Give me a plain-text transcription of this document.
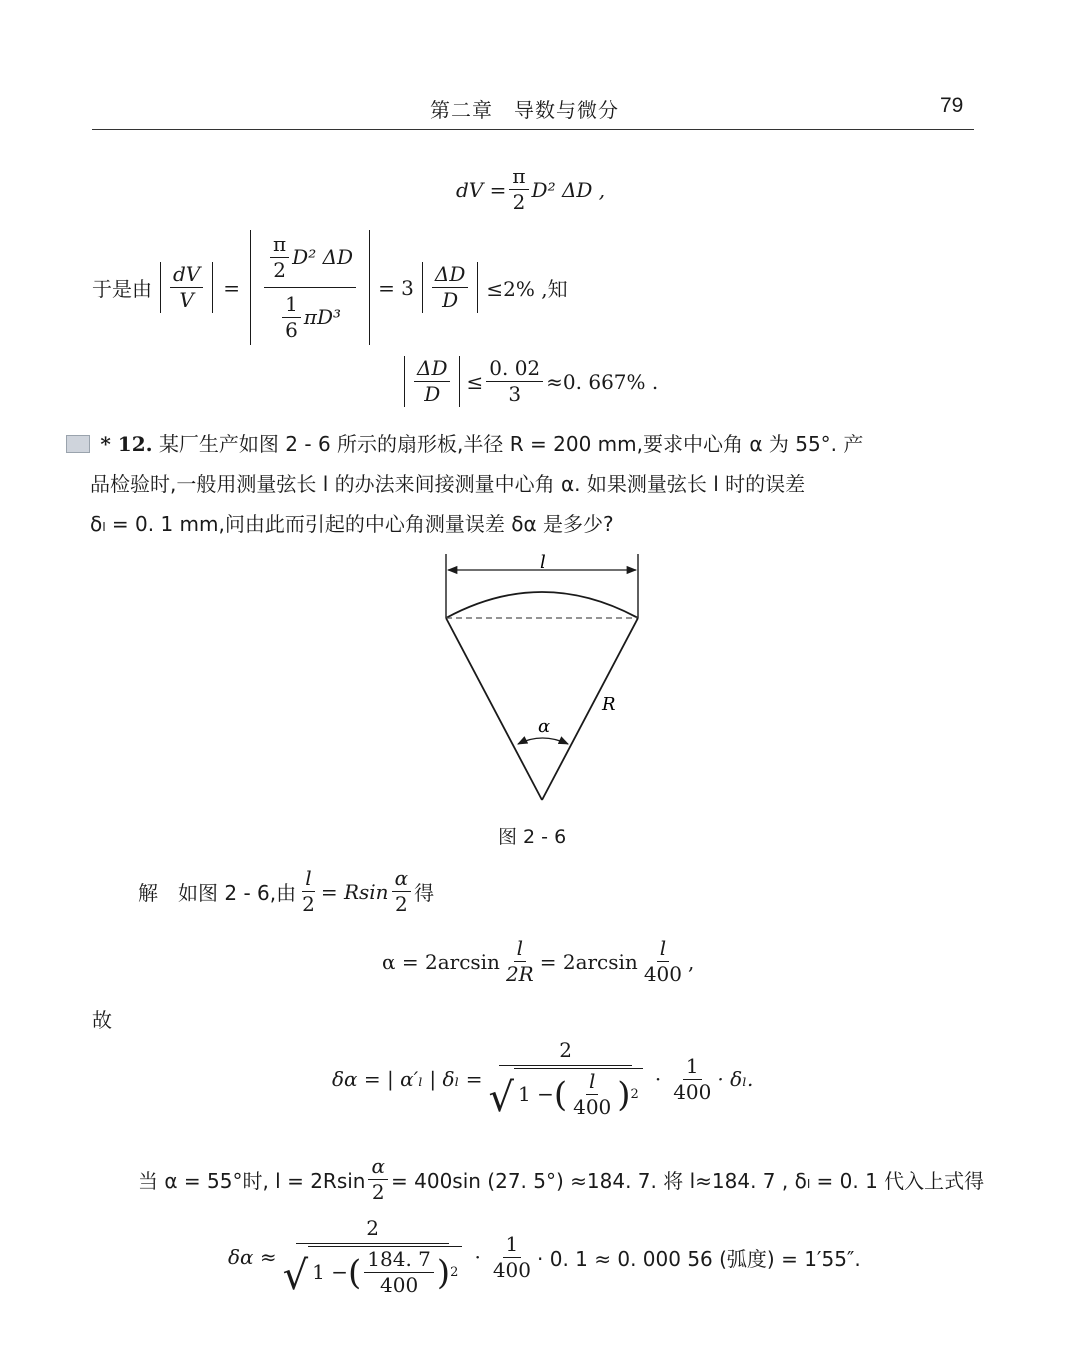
第二章　导数与微分	79
dV = $\frac{\pi}{2} D^2$ ΔD ,
于是由 $\frac{dV}{V} = \frac{\frac{\pi}{2} D^2 \Delta D}{\frac{1}{6} \pi D^3} = 3 \frac{\Delta D}{D} \le 2\%$ ,知
$\frac{\Delta D}{D} \le \frac{0. 02}{3} \approx 0$. 667% .
* 12. 某厂生产如图 2 - 6 所示的扇形板,半径 R = 200 mm,要求中心角 α 为 55°. 产
品检验时,一般用测量弦长 l 的办法来间接测量中心角 α. 如果测量弦长 l 时的误差
δₗ = 0. 1 mm,问由此而引起的中心角测量误差 δα 是多少?
l
R
α
图 2 - 6
解　如图 2 - 6,由 $\frac{l}{2} = Rsin \frac{\alpha}{2}$ 得
$\alpha = 2\arcsin \frac{l}{2R} = 2\arcsin \frac{l}{400}$ ,
故
δα = | α′ₗ | δₗ =
2
√ 1 − ( $\frac{l}{400}$ ) 2
· $\frac{1}{400} \cdot \delta_l$.
当 α = 55°时, $l = 2Rsin \frac{\alpha}{2} = 400\sin$ (27. 5°) ≈184. 7. 将 l≈184. 7 , δₗ = 0. 1 代入上式得
δα ≈
2
√ 1 − ( $\frac{184. 7}{400}$ ) 2
· $\frac{1}{400} \cdot 0$. 1 ≈ 0. 000 56 (弧度) = 1′55″.
